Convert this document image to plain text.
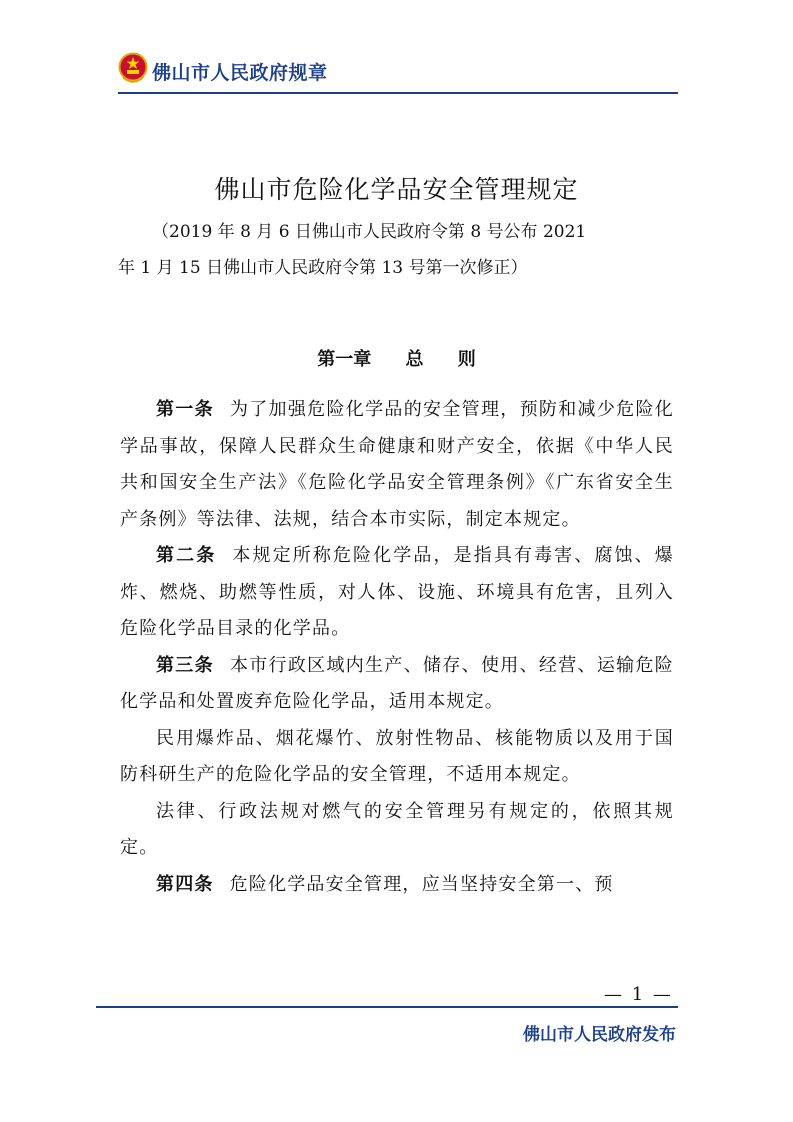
佛山市人民政府规章
佛山市危险化学品安全管理规定
（2019 年 8 月 6 日佛山市人民政府令第 8 号公布 2021
年 1 月 15 日佛山市人民政府令第 13 号第一次修正）
第一章 总 则

第一条 为了加强危险化学品的安全管理，预防和减少危险化学品事故，保障人民群众生命健康和财产安全，依据《中华人民共和国安全生产法》《危险化学品安全管理条例》《广东省安全生产条例》等法律、法规，结合本市实际，制定本规定。

第二条 本规定所称危险化学品，是指具有毒害、腐蚀、爆炸、燃烧、助燃等性质，对人体、设施、环境具有危害，且列入危险化学品目录的化学品。

第三条 本市行政区域内生产、储存、使用、经营、运输危险化学品和处置废弃危险化学品，适用本规定。

民用爆炸品、烟花爆竹、放射性物品、核能物质以及用于国防科研生产的危险化学品的安全管理，不适用本规定。

法律、行政法规对燃气的安全管理另有规定的，依照其规定。

第四条 危险化学品安全管理，应当坚持安全第一、预

— 1 —
佛山市人民政府发布
